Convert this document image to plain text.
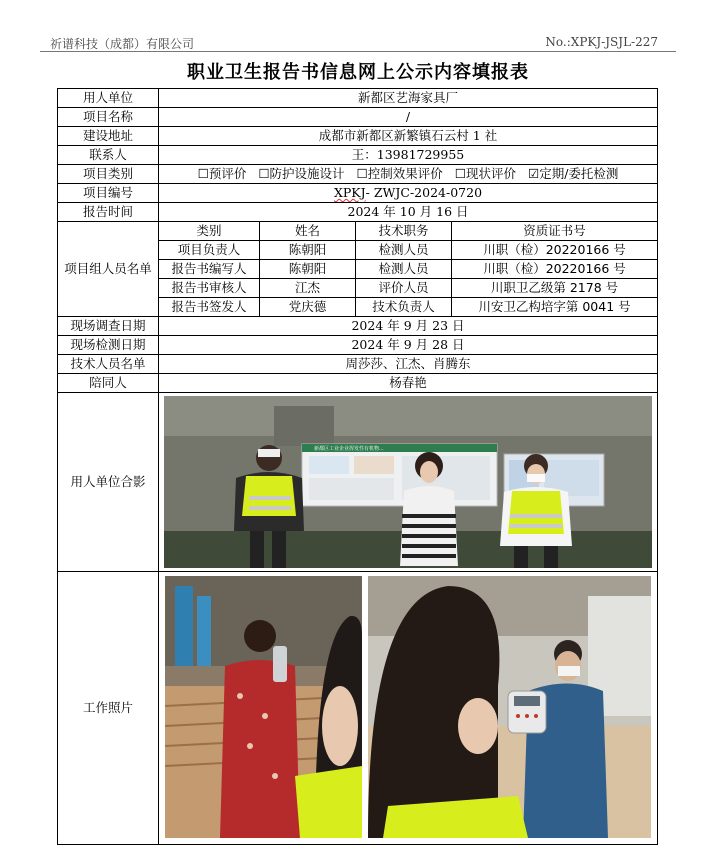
祈谱科技（成都）有限公司	No.:XPKJ-JSJL-227
职业卫生报告书信息网上公示内容填报表
用人单位	新都区艺海家具厂			
项目名称	/			
建设地址	成都市新都区新繁镇石云村 1 社			
联系人	王：13981729955			
项目类别	☐预评价 ☐防护设施设计 ☐控制效果评价 ☐现状评价 ☑定期/委托检测			
项目编号	XPKJ- ZWJC-2024-0720			
报告时间	2024 年 10 月 16 日			
项目组人员名单	类别	姓名	技术职务	资质证书号
	项目负责人	陈朝阳	检测人员	川职（检）20220166 号
	报告书编写人	陈朝阳	检测人员	川职（检）20220166 号
	报告书审核人	江杰	评价人员	川职卫乙级第 2178 号
	报告书签发人	党庆德	技术负责人	川安卫乙构培字第 0041 号
现场调查日期	2024 年 9 月 23 日			
现场检测日期	2024 年 9 月 28 日			
技术人员名单	周莎莎、江杰、肖腾东			
陪同人	杨春艳			
用人单位合影	新都区工业企业挥发性有机物...			

工作照片	
